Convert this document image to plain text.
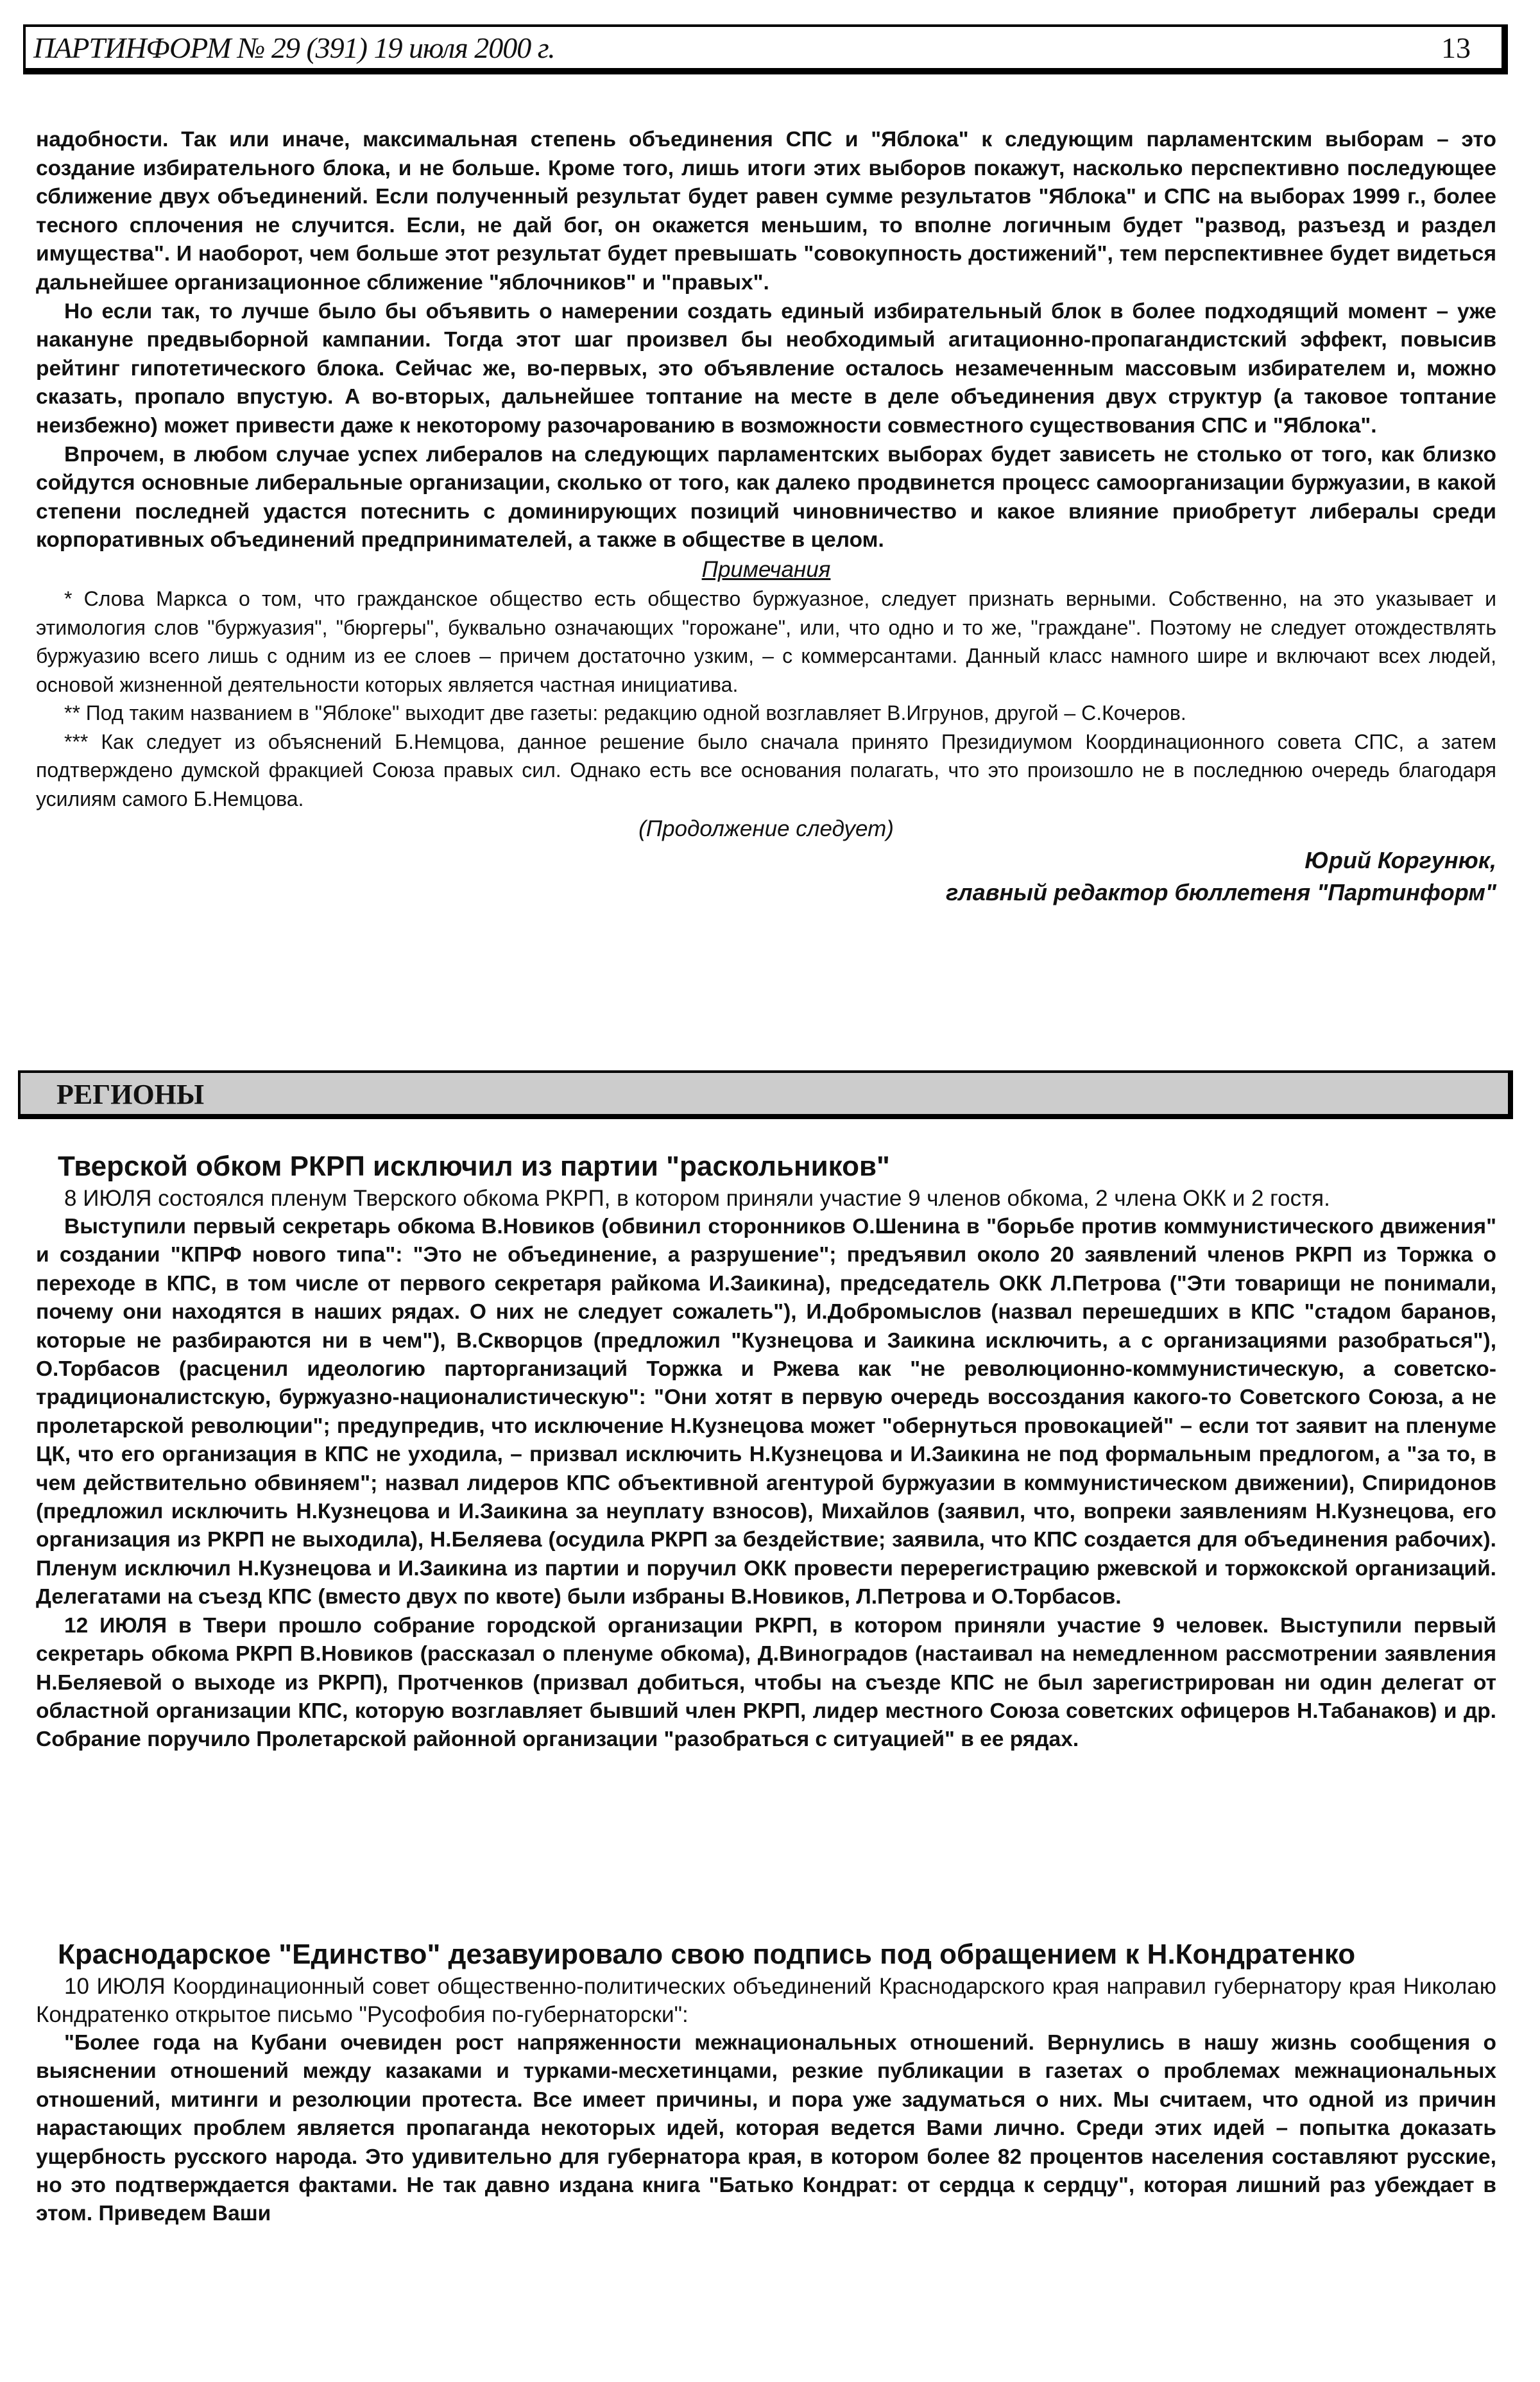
ПАРТИНФОРМ № 29 (391) 19 июля 2000 г.	13

надобности. Так или иначе, максимальная степень объединения СПС и "Яблока" к следующим парламентским выборам – это создание избирательного блока, и не больше. Кроме того, лишь итоги этих выборов покажут, насколько перспективно последующее сближение двух объединений. Если полученный результат будет равен сумме результатов "Яблока" и СПС на выборах 1999 г., более тесного сплочения не случится. Если, не дай бог, он окажется меньшим, то вполне логичным будет "развод, разъезд и раздел имущества". И наоборот, чем больше этот результат будет превышать "совокупность достижений", тем перспективнее будет видеться дальнейшее организационное сближение "яблочников" и "правых".

Но если так, то лучше было бы объявить о намерении создать единый избирательный блок в более подходящий момент – уже накануне предвыборной кампании. Тогда этот шаг произвел бы необходимый агитационно-пропагандистский эффект, повысив рейтинг гипотетического блока. Сейчас же, во-первых, это объявление осталось незамеченным массовым избирателем и, можно сказать, пропало впустую. А во-вторых, дальнейшее топтание на месте в деле объединения двух структур (а таковое топтание неизбежно) может привести даже к некоторому разочарованию в возможности совместного существования СПС и "Яблока".

Впрочем, в любом случае успех либералов на следующих парламентских выборах будет зависеть не столько от того, как близко сойдутся основные либеральные организации, сколько от того, как далеко продвинется процесс самоорганизации буржуазии, в какой степени последней удастся потеснить с доминирующих позиций чиновничество и какое влияние приобретут либералы среди корпоративных объединений предпринимателей, а также в обществе в целом.

Примечания

* Слова Маркса о том, что гражданское общество есть общество буржуазное, следует признать верными. Собственно, на это указывает и этимология слов "буржуазия", "бюргеры", буквально означающих "горожане", или, что одно и то же, "граждане". Поэтому не следует отождествлять буржуазию всего лишь с одним из ее слоев – причем достаточно узким, – с коммерсантами. Данный класс намного шире и включают всех людей, основой жизненной деятельности которых является частная инициатива.

** Под таким названием в "Яблоке" выходит две газеты: редакцию одной возглавляет В.Игрунов, другой – С.Кочеров.

*** Как следует из объяснений Б.Немцова, данное решение было сначала принято Президиумом Координационного совета СПС, а затем подтверждено думской фракцией Союза правых сил. Однако есть все основания полагать, что это произошло не в последнюю очередь благодаря усилиям самого Б.Немцова.

(Продолжение следует)

Юрий Коргунюк,

главный редактор бюллетеня "Партинформ"

РЕГИОНЫ

Тверской обком РКРП исключил из партии "раскольников"

8 ИЮЛЯ состоялся пленум Тверского обкома РКРП, в котором приняли участие 9 членов обкома, 2 члена ОКК и 2 гостя.

Выступили первый секретарь обкома В.Новиков (обвинил сторонников О.Шенина в "борьбе против коммунистического движения" и создании "КПРФ нового типа": "Это не объединение, а разрушение"; предъявил около 20 заявлений членов РКРП из Торжка о переходе в КПС, в том числе от первого секретаря райкома И.Заикина), председатель ОКК Л.Петрова ("Эти товарищи не понимали, почему они находятся в наших рядах. О них не следует сожалеть"), И.Добромыслов (назвал перешедших в КПС "стадом баранов, которые не разбираются ни в чем"), В.Скворцов (предложил "Кузнецова и Заикина исключить, а с организациями разобраться"), О.Торбасов (расценил идеологию парторганизаций Торжка и Ржева как "не революционно-коммунистическую, а советско-традиционалистскую, буржуазно-националистическую": "Они хотят в первую очередь воссоздания какого-то Советского Союза, а не пролетарской революции"; предупредив, что исключение Н.Кузнецова может "обернуться провокацией" – если тот заявит на пленуме ЦК, что его организация в КПС не уходила, – призвал исключить Н.Кузнецова и И.Заикина не под формальным предлогом, а "за то, в чем действительно обвиняем"; назвал лидеров КПС объективной агентурой буржуазии в коммунистическом движении), Спиридонов (предложил исключить Н.Кузнецова и И.Заикина за неуплату взносов), Михайлов (заявил, что, вопреки заявлениям Н.Кузнецова, его организация из РКРП не выходила), Н.Беляева (осудила РКРП за бездействие; заявила, что КПС создается для объединения рабочих). Пленум исключил Н.Кузнецова и И.Заикина из партии и поручил ОКК провести перерегистрацию ржевской и торжокской организаций. Делегатами на съезд КПС (вместо двух по квоте) были избраны В.Новиков, Л.Петрова и О.Торбасов.

12 ИЮЛЯ в Твери прошло собрание городской организации РКРП, в котором приняли участие 9 человек. Выступили первый секретарь обкома РКРП В.Новиков (рассказал о пленуме обкома), Д.Виноградов (настаивал на немедленном рассмотрении заявления Н.Беляевой о выходе из РКРП), Протченков (призвал добиться, чтобы на съезде КПС не был зарегистрирован ни один делегат от областной организации КПС, которую возглавляет бывший член РКРП, лидер местного Союза советских офицеров Н.Табанаков) и др. Собрание поручило Пролетарской районной организации "разобраться с ситуацией" в ее рядах.

Краснодарское "Единство" дезавуировало свою подпись под обращением к Н.Кондратенко

10 ИЮЛЯ Координационный совет общественно-политических объединений Краснодарского края направил губернатору края Николаю Кондратенко открытое письмо "Русофобия по-губернаторски":

"Более года на Кубани очевиден рост напряженности межнациональных отношений. Вернулись в нашу жизнь сообщения о выяснении отношений между казаками и турками-месхетинцами, резкие публикации в газетах о проблемах межнациональных отношений, митинги и резолюции протеста. Все имеет причины, и пора уже задуматься о них. Мы считаем, что одной из причин нарастающих проблем является пропаганда некоторых идей, которая ведется Вами лично. Среди этих идей – попытка доказать ущербность русского народа. Это удивительно для губернатора края, в котором более 82 процентов населения составляют русские, но это подтверждается фактами. Не так давно издана книга "Батько Кондрат: от сердца к сердцу", которая лишний раз убеждает в этом. Приведем Ваши
